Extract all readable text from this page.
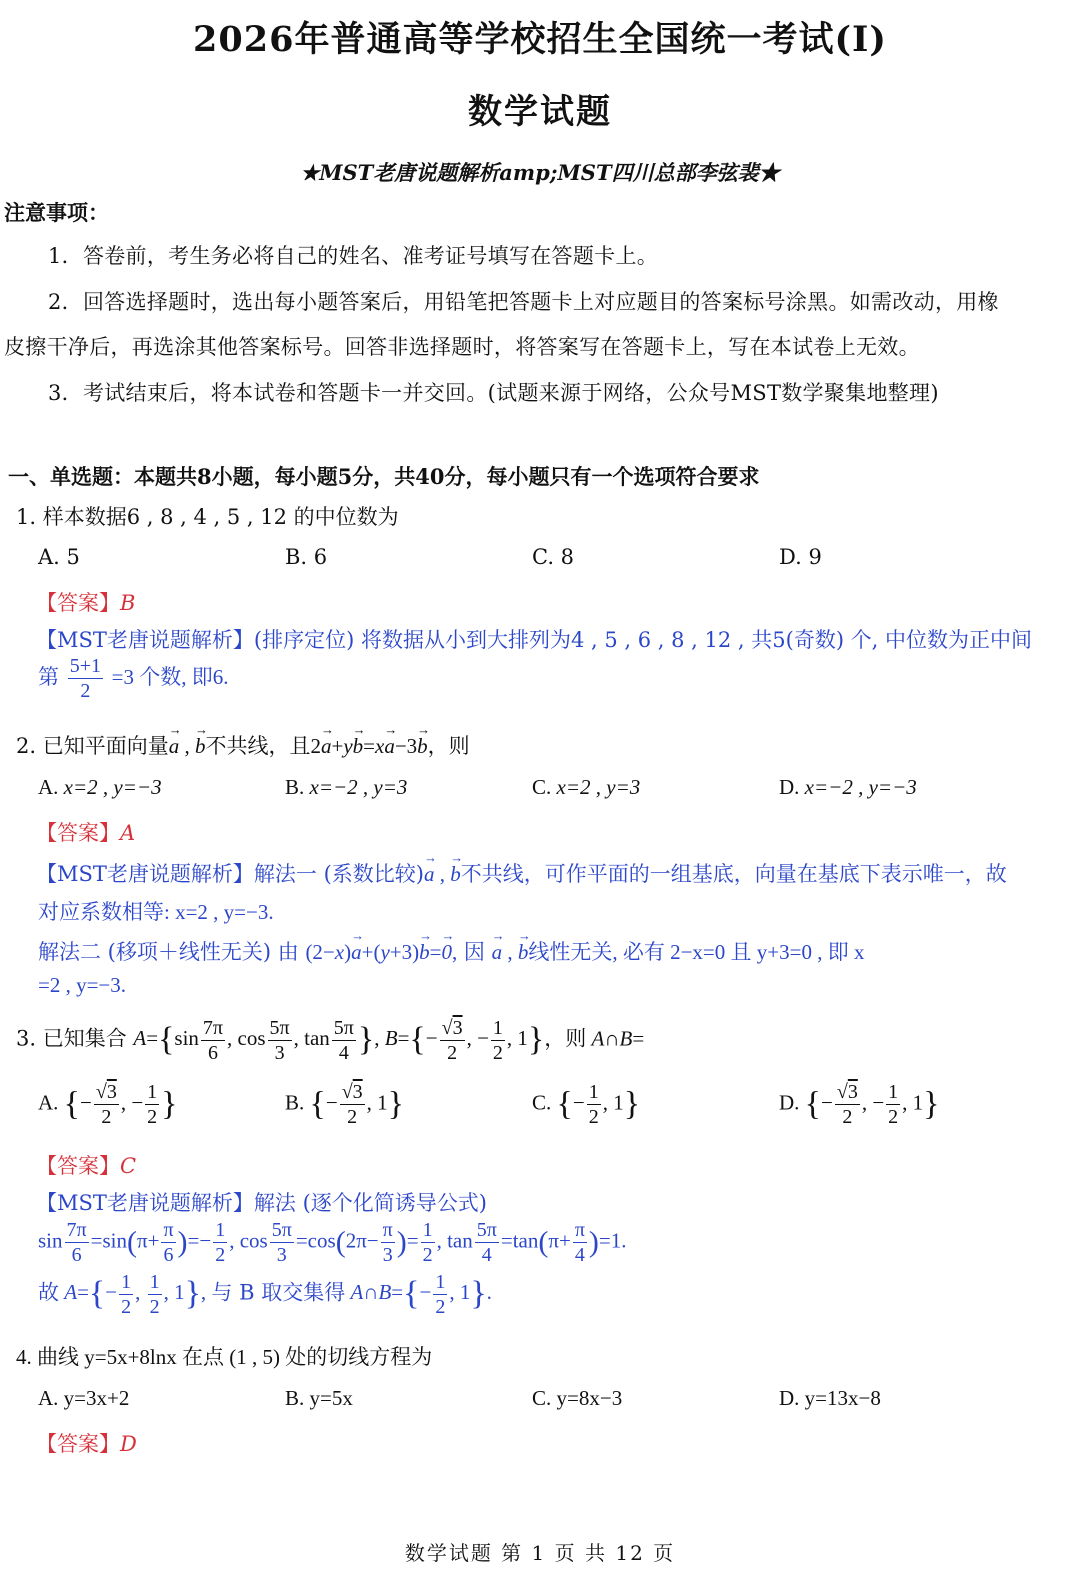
2026年普通高等学校招生全国统一考试(I)
数学试题
★MST老唐说题解析amp;MST四川总部李弦裴★
注意事项：
1．答卷前，考生务必将自己的姓名、准考证号填写在答题卡上。
2．回答选择题时，选出每小题答案后，用铅笔把答题卡上对应题目的答案标号涂黑。如需改动，用橡
皮擦干净后，再选涂其他答案标号。回答非选择题时，将答案写在答题卡上，写在本试卷上无效。
3．考试结束后，将本试卷和答题卡一并交回。(试题来源于网络，公众号MST数学聚集地整理)
一、单选题：本题共8小题，每小题5分，共40分，每小题只有一个选项符合要求
1. 样本数据6 , 8 , 4 , 5 , 12 的中位数为
A. 5	B. 6	C. 8	D. 9
【答案】B
【MST老唐说题解析】(排序定位) 将数据从小到大排列为4 , 5 , 6 , 8 , 12 , 共5(奇数) 个, 中位数为正中间
第 $\frac{5+1}{2} =3$ 个数, 即6.
2. 已知平面向量→ a , → b不共线，且2→ a+y→ b=x→ a−3→ b，则
A. x=2 , y=−3	B. x=−2 , y=3	C. x=2 , y=3	D. x=−2 , y=−3
【答案】A
【MST老唐说题解析】解法一 (系数比较)→ a , → b不共线，可作平面的一组基底，向量在基底下表示唯一，故
对应系数相等: x=2 , y=−3.
解法二 (移项＋线性无关) 由 (2−x)→ a+(y+3)→ b=→ 0, 因 → a , → b线性无关, 必有 2−x=0 且 y+3=0 , 即 x
=2 , y=−3.
3. 已知集合 $A=\{\sin \frac{7\pi}{6}$ , $\cos \frac{5\pi}{3}$ , $\tan \frac{5\pi}{4}$ }, $B=\{- \frac{√3}{2}$ , − $\frac{1}{2}$ , 1}，则 A∩B=
A. {− $\frac{√3}{2}$ , − $\frac{1}{2}$ }	B. {− $\frac{√3}{2}$ , 1}	C. {− $\frac{1}{2}$ , 1}	D. {− $\frac{√3}{2}$ , − $\frac{1}{2}$ , 1}
【答案】C
【MST老唐说题解析】解法 (逐个化简诱导公式)
$\sin \frac{7\pi}{6} =\sin(\pi+ \frac{\pi}{6}$ )=− $\frac{1}{2}$ , $\cos \frac{5\pi}{3} =\cos(2\pi- \frac{\pi}{3}$ )= $\frac{1}{2}$ , $\tan \frac{5\pi}{4} =\tan(\pi+ \frac{\pi}{4} )=1$.
故 $A=\{- \frac{1}{2}$ , $\frac{1}{2}$ , 1}, 与 B 取交集得 A∩B={− $\frac{1}{2}$ , 1}.
4. 曲线 y=5x+8lnx 在点 (1 , 5) 处的切线方程为
A. y=3x+2	B. y=5x	C. y=8x−3	D. y=13x−8
【答案】D
数学试题 第 1 页 共 12 页
